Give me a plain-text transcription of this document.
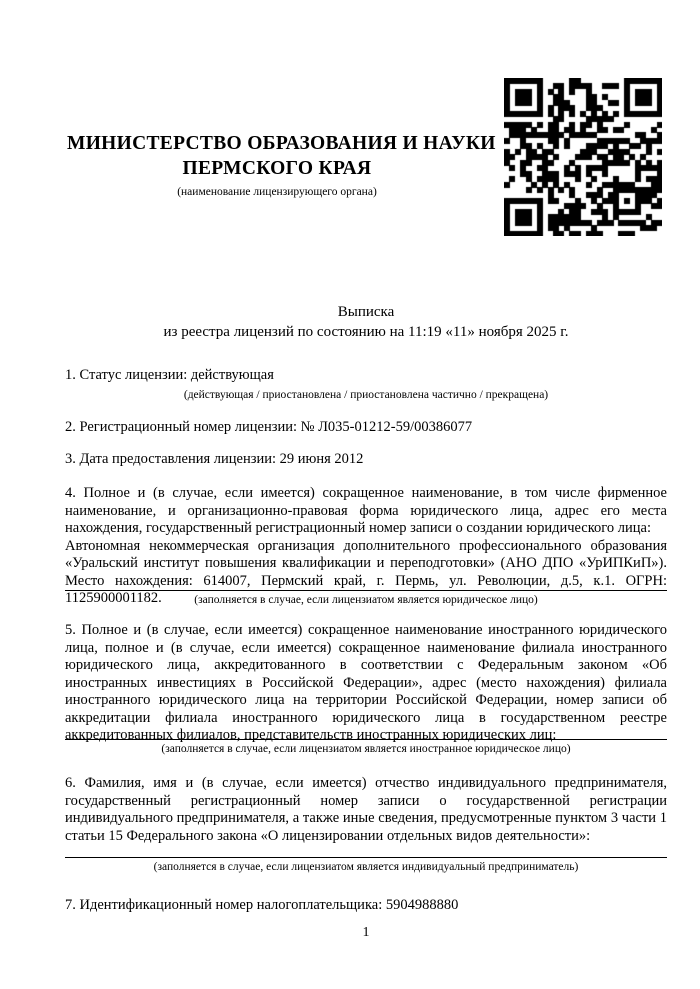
МИНИСТЕРСТВО ОБРАЗОВАНИЯ И НАУКИ
ПЕРМСКОГО КРАЯ
(наименование лицензирующего органа)
Выписка
из реестра лицензий по состоянию на 11:19 «11» ноября 2025 г.
1. Статус лицензии: действующая
(действующая / приостановлена / приостановлена частично / прекращена)
2. Регистрационный номер лицензии: № Л035-01212-59/00386077
3. Дата предоставления лицензии: 29 июня 2012

4. Полное и (в случае, если имеется) сокращенное наименование, в том числе фирменное наименование, и организационно-правовая форма юридического лица, адрес его места нахождения, государственный регистрационный номер записи о создании юридического лица:

Автономная некоммерческая организация дополнительного профессионального образования «Уральский институт повышения квалификации и переподготовки» (АНО ДПО «УрИПКиП»). Место нахождения: 614007, Пермский край, г. Пермь, ул. Революции, д.5, к.1. ОГРН: 1125900001182.	(заполняется в случае, если лицензиатом является юридическое лицо)
5. Полное и (в случае, если имеется) сокращенное наименование иностранного юридического лица, полное и (в случае, если имеется) сокращенное наименование филиала иностранного юридического лица, аккредитованного в соответствии с Федеральным законом «Об иностранных инвестициях в Российской Федерации», адрес (место нахождения) филиала иностранного юридического лица на территории Российской Федерации, номер записи об аккредитации филиала иностранного юридического лица в государственном реестре аккредитованных филиалов, представительств иностранных юридических лиц:
(заполняется в случае, если лицензиатом является иностранное юридическое лицо)
6. Фамилия, имя и (в случае, если имеется) отчество индивидуального предпринимателя, государственный регистрационный номер записи о государственной регистрации индивидуального предпринимателя, а также иные сведения, предусмотренные пунктом 3 части 1 статьи 15 Федерального закона «О лицензировании отдельных видов деятельности»:
(заполняется в случае, если лицензиатом является индивидуальный предприниматель)
7. Идентификационный номер налогоплательщика: 5904988880
1
